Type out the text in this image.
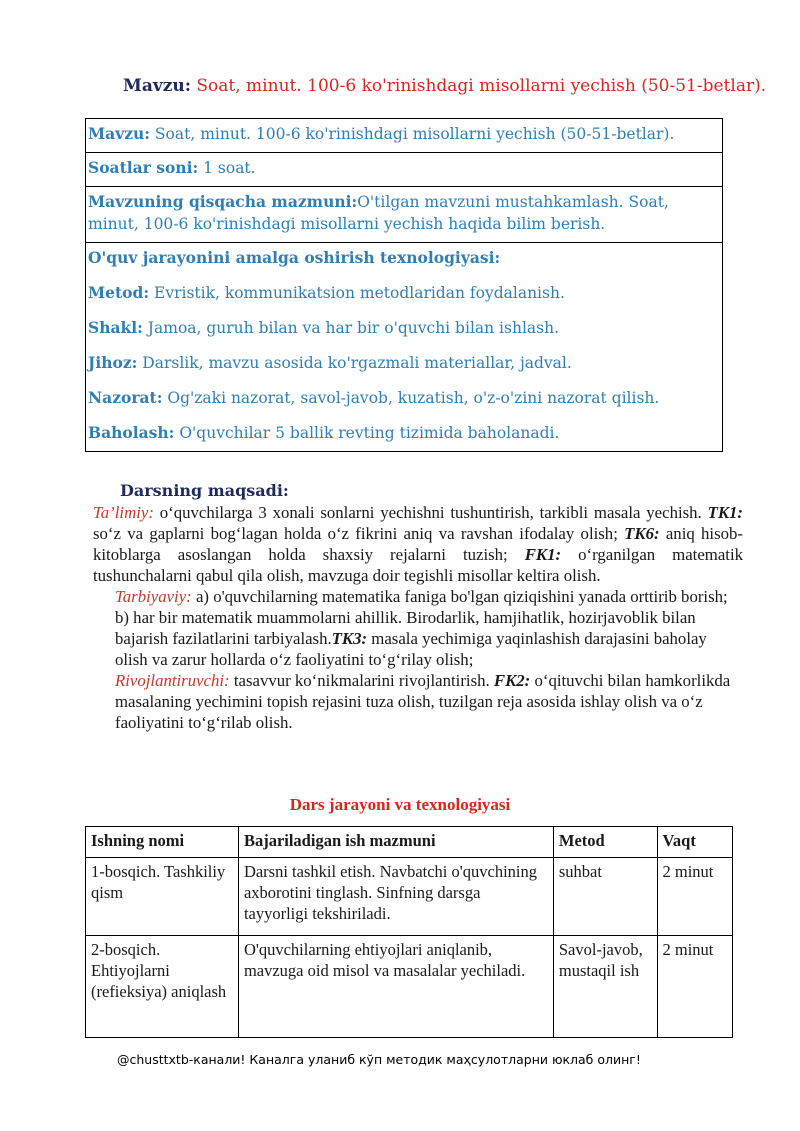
Mavzu: Soat, minut. 100-6 ko'rinishdagi misollarni yechish (50-51-betlar).
Mavzu: Soat, minut. 100-6 ko'rinishdagi misollarni yechish (50-51-betlar).
Soatlar soni: 1 soat.
Mavzuning qisqacha mazmuni:O'tilgan mavzuni mustahkamlash. Soat, minut, 100-6 ko'rinishdagi misollarni yechish haqida bilim berish.

O'quv jarayonini amalga oshirish texnologiyasi:

Metod: Evristik, kommunikatsion metodlaridan foydalanish.

Shakl: Jamoa, guruh bilan va har bir o'quvchi bilan ishlash.

Jihoz: Darslik, mavzu asosida ko'rgazmali materiallar, jadval.

Nazorat: Og'zaki nazorat, savol-javob, kuzatish, o'z-o'zini nazorat qilish.

Baholash: O'quvchilar 5 ballik revting tizimida baholanadi.

Darsning maqsadi:
Ta’limiy: o‘quvchilarga 3 xonali sonlarni yechishni tushuntirish, tarkibli masala yechish. TK1: so‘z va gaplarni bog‘lagan holda o‘z fikrini aniq va ravshan ifodalay olish; TK6: aniq hisob-kitoblarga asoslangan holda shaxsiy rejalarni tuzish; FK1: o‘rganilgan matematik tushunchalarni qabul qila olish, mavzuga doir tegishli misollar keltira olish.
Tarbiyaviy: a) o'quvchilarning matematika faniga bo'lgan qiziqishini yanada orttirib borish; b) har bir matematik muammolarni ahillik. Birodarlik, hamjihatlik, hozirjavoblik bilan bajarish fazilatlarini tarbiyalash.TK3: masala yechimiga yaqinlashish darajasini baholay olish va zarur hollarda o‘z faoliyatini to‘g‘rilay olish;
Rivojlantiruvchi: tasavvur ko‘nikmalarini rivojlantirish. FK2: o‘qituvchi bilan hamkorlikda masalaning yechimini topish rejasini tuza olish, tuzilgan reja asosida ishlay olish va o‘z faoliyatini to‘g‘rilab olish.
Dars jarayoni va texnologiyasi
Ishning nomi	Bajariladigan ish mazmuni	Metod	Vaqt
1-bosqich. Tashkiliy qism	Darsni tashkil etish. Navbatchi o'quvchining axborotini tinglash. Sinfning darsga tayyorligi tekshiriladi.	suhbat	2 minut
2-bosqich. Ehtiyojlarni (refieksiya) aniqlash	O'quvchilarning ehtiyojlari aniqlanib, mavzuga oid misol va masalalar yechiladi.	Savol-javob, mustaqil ish	2 minut
@chusttxtb-канали! Каналга уланиб кўп методик маҳсулотларни юклаб олинг!
